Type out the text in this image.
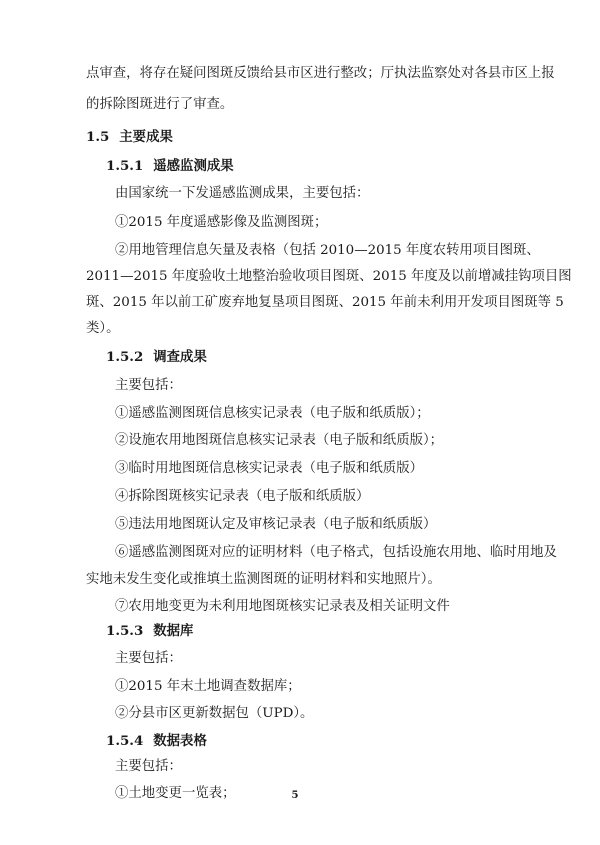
点审查，将存在疑问图斑反馈给县市区进行整改；厅执法监察处对各县市区上报
的拆除图斑进行了审查。
1.5 主要成果
1.5.1 遥感监测成果
由国家统一下发遥感监测成果，主要包括：
①2015 年度遥感影像及监测图斑；
②用地管理信息矢量及表格（包括 2010—2015 年度农转用项目图斑、
2011—2015 年度验收土地整治验收项目图斑、2015 年度及以前增减挂钩项目图
斑、2015 年以前工矿废弃地复垦项目图斑、2015 年前未利用开发项目图斑等 5
类）。
1.5.2 调查成果
主要包括：
①遥感监测图斑信息核实记录表（电子版和纸质版）；
②设施农用地图斑信息核实记录表（电子版和纸质版）；
③临时用地图斑信息核实记录表（电子版和纸质版）
④拆除图斑核实记录表（电子版和纸质版）
⑤违法用地图斑认定及审核记录表（电子版和纸质版）
⑥遥感监测图斑对应的证明材料（电子格式，包括设施农用地、临时用地及
实地未发生变化或推填土监测图斑的证明材料和实地照片）。
⑦农用地变更为未利用地图斑核实记录表及相关证明文件
1.5.3 数据库
主要包括：
①2015 年末土地调查数据库；
②分县市区更新数据包（UPD）。
1.5.4 数据表格
主要包括：
①土地变更一览表；	5
